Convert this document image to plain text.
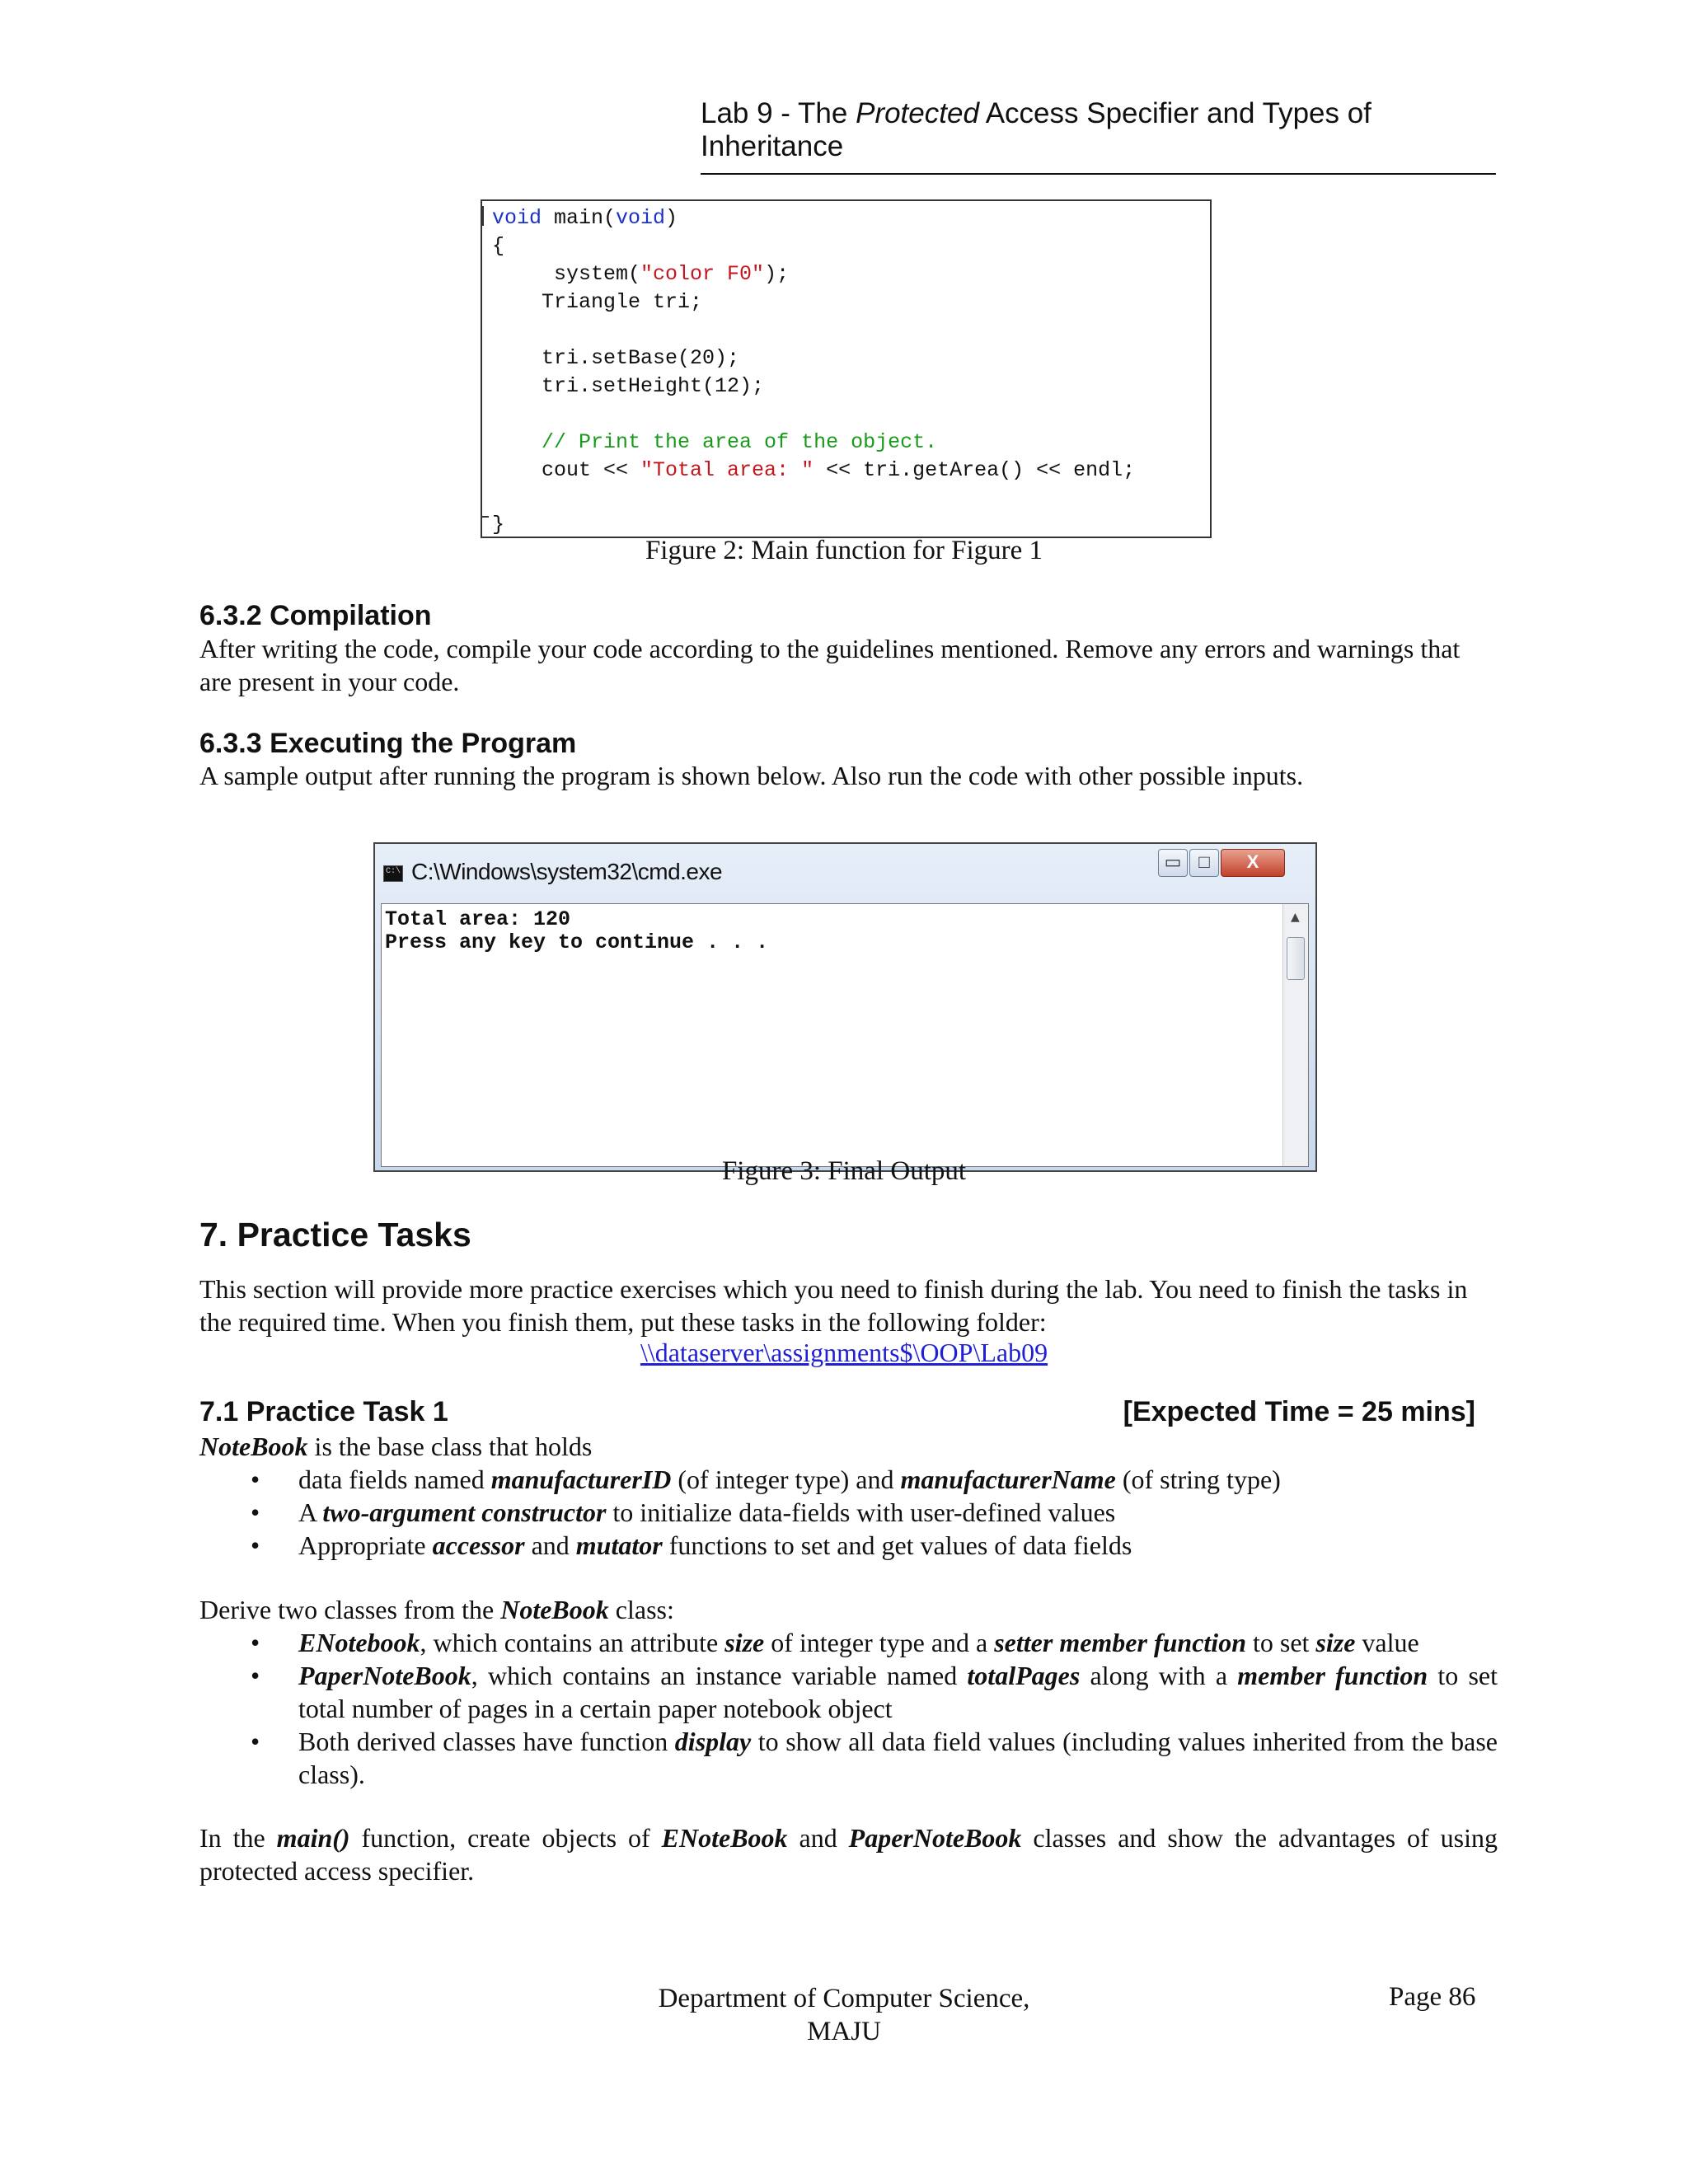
Lab 9 - The Protected Access Specifier and Types of Inheritance
void main(void)
{
system("color F0");
Triangle tri;
tri.setBase(20);
tri.setHeight(12);
// Print the area of the object.
cout << "Total area: " << tri.getArea() << endl;
}
Figure 2: Main function for Figure 1
6.3.2 Compilation
After writing the code, compile your code according to the guidelines mentioned. Remove any errors and warnings that are present in your code.
6.3.3 Executing the Program
A sample output after running the program is shown below. Also run the code with other possible inputs.
C:\ C:\Windows\system32\cmd.exe	▭ □	X
Total area: 120
Press any key to continue . . .
▲
Figure 3: Final Output
7. Practice Tasks
This section will provide more practice exercises which you need to finish during the lab. You need to finish the tasks in the required time. When you finish them, put these tasks in the following folder:
\\dataserver\assignments$\OOP\Lab09
7.1 Practice Task 1	[Expected Time = 25 mins]
NoteBook is the base class that holds
• data fields named manufacturerID (of integer type) and manufacturerName (of string type)
• A two-argument constructor to initialize data-fields with user-defined values
• Appropriate accessor and mutator functions to set and get values of data fields
Derive two classes from the NoteBook class:
• ENotebook, which contains an attribute size of integer type and a setter member function to set size value
• PaperNoteBook, which contains an instance variable named totalPages along with a member function to set total number of pages in a certain paper notebook object
• Both derived classes have function display to show all data field values (including values inherited from the base class).
In the main() function, create objects of ENoteBook and PaperNoteBook classes and show the advantages of using protected access specifier.
Department of Computer Science,
MAJU
Page 86
